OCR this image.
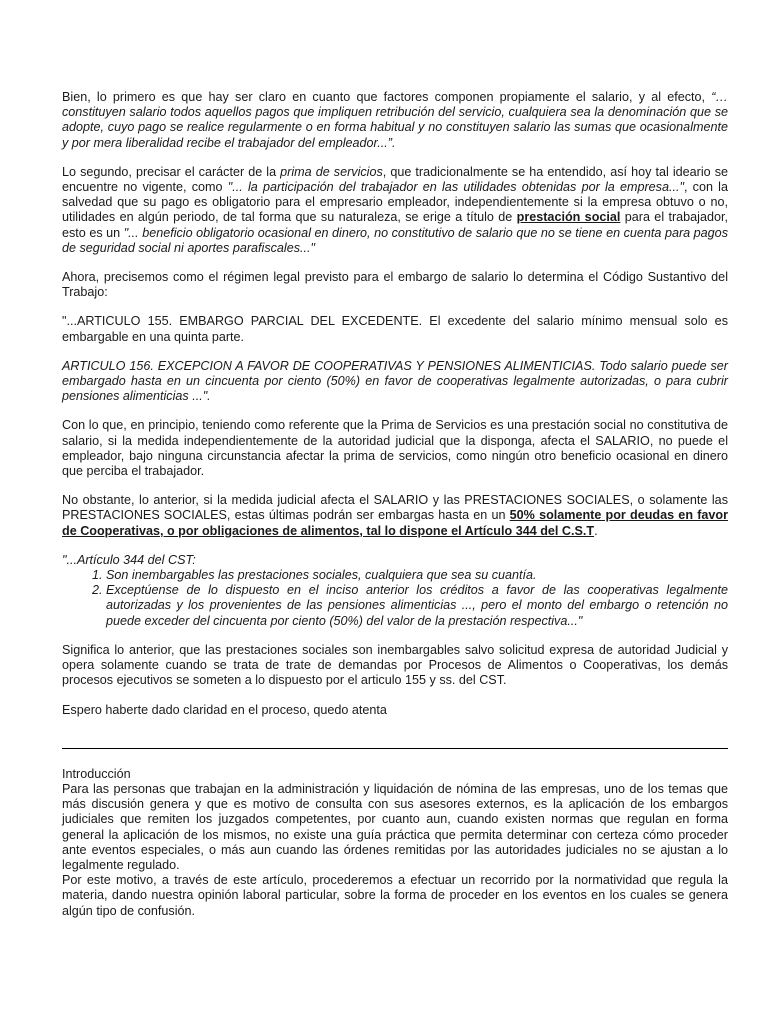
Bien, lo primero es que hay ser claro en cuanto que factores componen propiamente el salario, y al efecto, “… constituyen salario todos aquellos pagos que impliquen retribución del servicio, cualquiera sea la denominación que se adopte, cuyo pago se realice regularmente o en forma habitual y no constituyen salario las sumas que ocasionalmente y por mera liberalidad recibe el trabajador del empleador...”.

Lo segundo, precisar el carácter de la prima de servicios, que tradicionalmente se ha entendido, así hoy tal ideario se encuentre no vigente, como "... la participación del trabajador en las utilidades obtenidas por la empresa...", con la salvedad que su pago es obligatorio para el empresario empleador, independientemente si la empresa obtuvo o no, utilidades en algún periodo, de tal forma que su naturaleza, se erige a título de prestación social para el trabajador, esto es un "... beneficio obligatorio ocasional en dinero, no constitutivo de salario que no se tiene en cuenta para pagos de seguridad social ni aportes parafiscales..."

Ahora, precisemos como el régimen legal previsto para el embargo de salario lo determina el Código Sustantivo del Trabajo:

"...ARTICULO 155. EMBARGO PARCIAL DEL EXCEDENTE. El excedente del salario mínimo mensual solo es embargable en una quinta parte.

ARTICULO 156. EXCEPCION A FAVOR DE COOPERATIVAS Y PENSIONES ALIMENTICIAS. Todo salario puede ser embargado hasta en un cincuenta por ciento (50%) en favor de cooperativas legalmente autorizadas, o para cubrir pensiones alimenticias ...".

Con lo que, en principio, teniendo como referente que la Prima de Servicios es una prestación social no constitutiva de salario, si la medida independientemente de la autoridad judicial que la disponga, afecta el SALARIO, no puede el empleador, bajo ninguna circunstancia afectar la prima de servicios, como ningún otro beneficio ocasional en dinero que perciba el trabajador.

No obstante, lo anterior, si la medida judicial afecta el SALARIO y las PRESTACIONES SOCIALES, o solamente las PRESTACIONES SOCIALES, estas últimas podrán ser embargas hasta en un 50% solamente por deudas en favor de Cooperativas, o por obligaciones de alimentos, tal lo dispone el Artículo 344 del C.S.T.

"...Artículo 344 del CST:

1. Son inembargables las prestaciones sociales, cualquiera que sea su cuantía.
2. Exceptúense de lo dispuesto en el inciso anterior los créditos a favor de las cooperativas legalmente autorizadas y los provenientes de las pensiones alimenticias ..., pero el monto del embargo o retención no puede exceder del cincuenta por ciento (50%) del valor de la prestación respectiva..."

Significa lo anterior, que las prestaciones sociales son inembargables salvo solicitud expresa de autoridad Judicial y opera solamente cuando se trata de trate de demandas por Procesos de Alimentos o Cooperativas, los demás procesos ejecutivos se someten a lo dispuesto por el articulo 155 y ss. del CST.

Espero haberte dado claridad en el proceso, quedo atenta

Introducción

Para las personas que trabajan en la administración y liquidación de nómina de las empresas, uno de los temas que más discusión genera y que es motivo de consulta con sus asesores externos, es la aplicación de los embargos judiciales que remiten los juzgados competentes, por cuanto aun, cuando existen normas que regulan en forma general la aplicación de los mismos, no existe una guía práctica que permita determinar con certeza cómo proceder ante eventos especiales, o más aun cuando las órdenes remitidas por las autoridades judiciales no se ajustan a lo legalmente regulado.

Por este motivo, a través de este artículo, procederemos a efectuar un recorrido por la normatividad que regula la materia, dando nuestra opinión laboral particular, sobre la forma de proceder en los eventos en los cuales se genera algún tipo de confusión.
